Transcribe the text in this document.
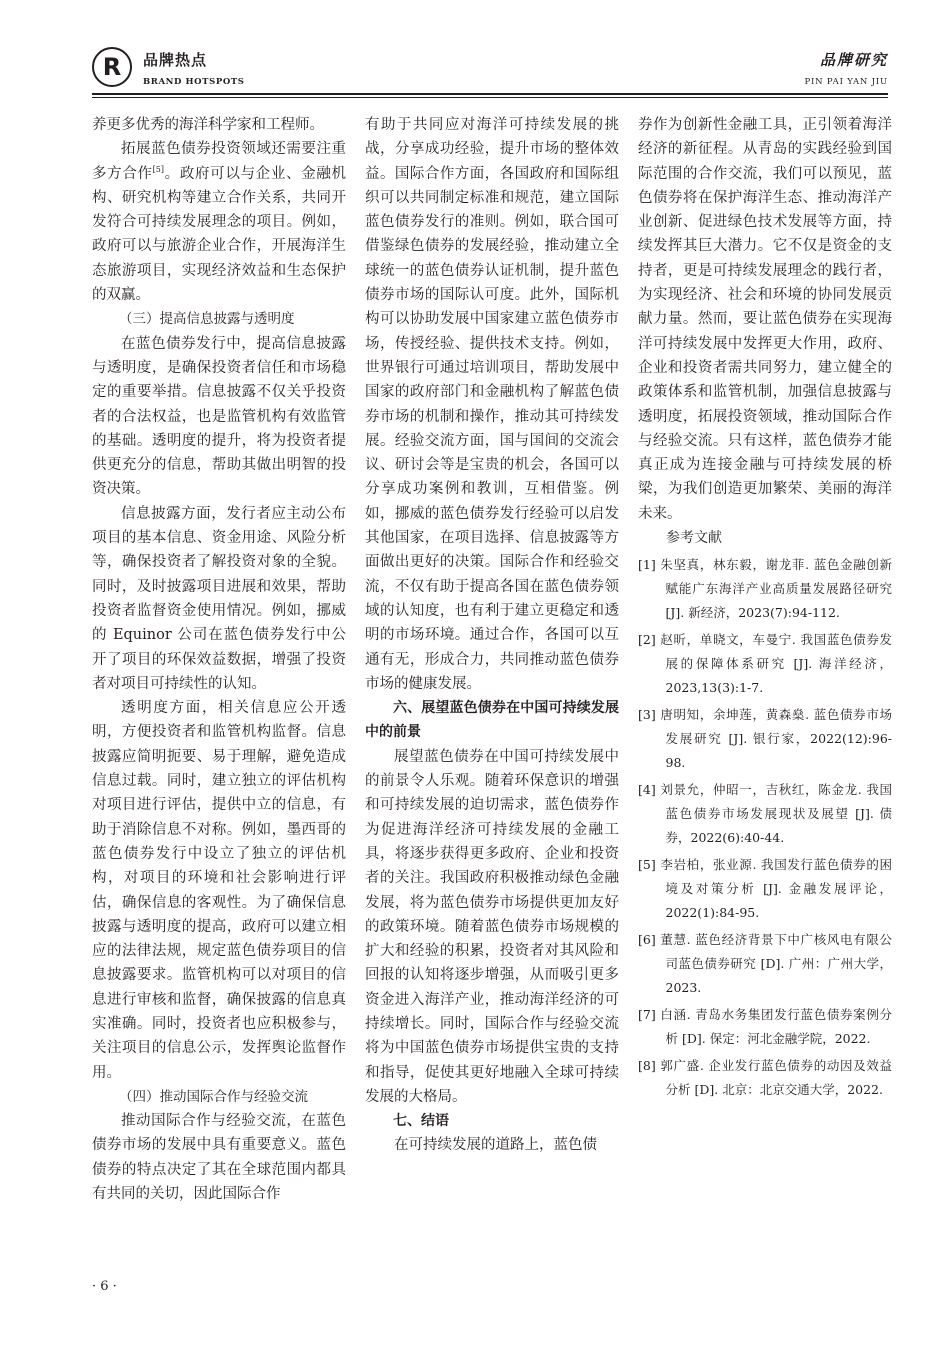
R 品牌热点
BRAND HOTSPOTS
品牌研究
PIN PAI YAN JIU

养更多优秀的海洋科学家和工程师。

拓展蓝色债券投资领域还需要注重多方合作[5]。政府可以与企业、金融机构、研究机构等建立合作关系，共同开发符合可持续发展理念的项目。例如，政府可以与旅游企业合作，开展海洋生态旅游项目，实现经济效益和生态保护的双赢。

（三）提高信息披露与透明度

在蓝色债券发行中，提高信息披露与透明度，是确保投资者信任和市场稳定的重要举措。信息披露不仅关乎投资者的合法权益，也是监管机构有效监管的基础。透明度的提升，将为投资者提供更充分的信息，帮助其做出明智的投资决策。

信息披露方面，发行者应主动公布项目的基本信息、资金用途、风险分析等，确保投资者了解投资对象的全貌。同时，及时披露项目进展和效果，帮助投资者监督资金使用情况。例如，挪威的 Equinor 公司在蓝色债券发行中公开了项目的环保效益数据，增强了投资者对项目可持续性的认知。

透明度方面，相关信息应公开透明，方便投资者和监管机构监督。信息披露应简明扼要、易于理解，避免造成信息过载。同时，建立独立的评估机构对项目进行评估，提供中立的信息，有助于消除信息不对称。例如，墨西哥的蓝色债券发行中设立了独立的评估机构，对项目的环境和社会影响进行评估，确保信息的客观性。为了确保信息披露与透明度的提高，政府可以建立相应的法律法规，规定蓝色债券项目的信息披露要求。监管机构可以对项目的信息进行审核和监督，确保披露的信息真实准确。同时，投资者也应积极参与，关注项目的信息公示，发挥舆论监督作用。

（四）推动国际合作与经验交流

推动国际合作与经验交流，在蓝色债券市场的发展中具有重要意义。蓝色债券的特点决定了其在全球范围内都具有共同的关切，因此国际合作

有助于共同应对海洋可持续发展的挑战，分享成功经验，提升市场的整体效益。国际合作方面，各国政府和国际组织可以共同制定标准和规范，建立国际蓝色债券发行的准则。例如，联合国可借鉴绿色债券的发展经验，推动建立全球统一的蓝色债券认证机制，提升蓝色债券市场的国际认可度。此外，国际机构可以协助发展中国家建立蓝色债券市场，传授经验、提供技术支持。例如，世界银行可通过培训项目，帮助发展中国家的政府部门和金融机构了解蓝色债券市场的机制和操作，推动其可持续发展。经验交流方面，国与国间的交流会议、研讨会等是宝贵的机会，各国可以分享成功案例和教训，互相借鉴。例如，挪威的蓝色债券发行经验可以启发其他国家，在项目选择、信息披露等方面做出更好的决策。国际合作和经验交流，不仅有助于提高各国在蓝色债券领域的认知度，也有利于建立更稳定和透明的市场环境。通过合作，各国可以互通有无，形成合力，共同推动蓝色债券市场的健康发展。

六、展望蓝色债券在中国可持续发展中的前景

展望蓝色债券在中国可持续发展中的前景令人乐观。随着环保意识的增强和可持续发展的迫切需求，蓝色债券作为促进海洋经济可持续发展的金融工具，将逐步获得更多政府、企业和投资者的关注。我国政府积极推动绿色金融发展，将为蓝色债券市场提供更加友好的政策环境。随着蓝色债券市场规模的扩大和经验的积累，投资者对其风险和回报的认知将逐步增强，从而吸引更多资金进入海洋产业，推动海洋经济的可持续增长。同时，国际合作与经验交流将为中国蓝色债券市场提供宝贵的支持和指导，促使其更好地融入全球可持续发展的大格局。

七、结语

在可持续发展的道路上，蓝色债

券作为创新性金融工具，正引领着海洋经济的新征程。从青岛的实践经验到国际范围的合作交流，我们可以预见，蓝色债券将在保护海洋生态、推动海洋产业创新、促进绿色技术发展等方面，持续发挥其巨大潜力。它不仅是资金的支持者，更是可持续发展理念的践行者，为实现经济、社会和环境的协同发展贡献力量。然而，要让蓝色债券在实现海洋可持续发展中发挥更大作用，政府、企业和投资者需共同努力，建立健全的政策体系和监管机制，加强信息披露与透明度，拓展投资领域，推动国际合作与经验交流。只有这样，蓝色债券才能真正成为连接金融与可持续发展的桥梁，为我们创造更加繁荣、美丽的海洋未来。

参考文献

[1] 朱坚真，林东毅，谢龙菲. 蓝色金融创新赋能广东海洋产业高质量发展路径研究 [J]. 新经济，2023(7):94-112.

[2] 赵昕，单晓文，车曼宁. 我国蓝色债券发展的保障体系研究 [J]. 海洋经济，2023,13(3):1-7.

[3] 唐明知，余坤莲，黄森燊. 蓝色债券市场发展研究 [J]. 银行家，2022(12):96-98.

[4] 刘景允，仲昭一，吉秋红，陈金龙. 我国蓝色债券市场发展现状及展望 [J]. 债券，2022(6):40-44.

[5] 李岩柏，张业源. 我国发行蓝色债券的困境及对策分析 [J]. 金融发展评论，2022(1):84-95.

[6] 董慧. 蓝色经济背景下中广核风电有限公司蓝色债券研究 [D]. 广州：广州大学，2023.

[7] 白涵. 青岛水务集团发行蓝色债券案例分析 [D]. 保定：河北金融学院，2022.

[8] 郭广盛. 企业发行蓝色债券的动因及效益分析 [D]. 北京：北京交通大学，2022.

· 6 ·
